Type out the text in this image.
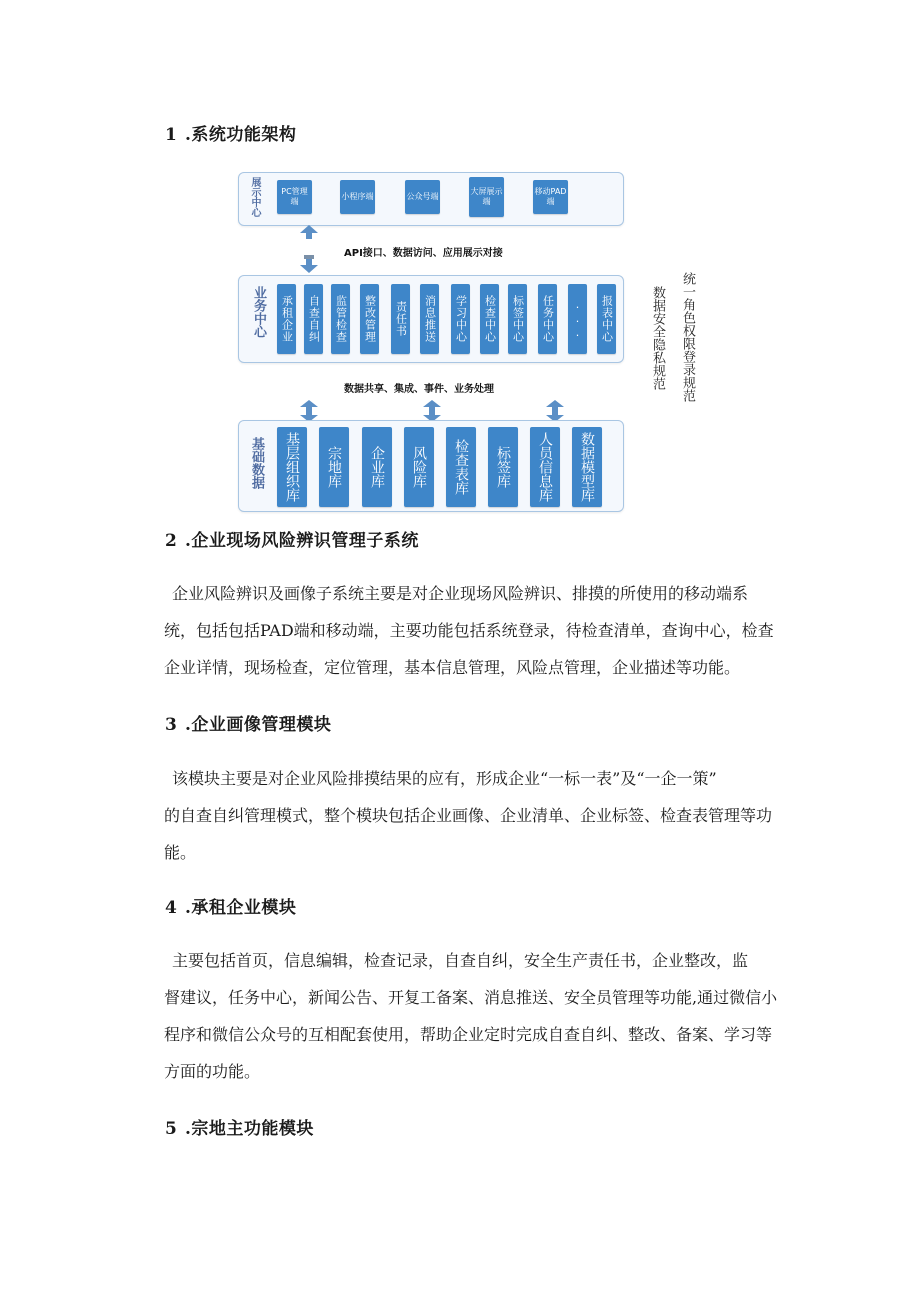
1 .系统功能架构
展示中心	PC管理端
小程序端	公众号端
大屏展示端
移动PAD端
API接口、数据访问、应用展示对接
业务中心	承租企业	自查自纠	监管检查	整改管理	责任书	消息推送	学习中心	检查中心	标签中心	任务中心 ...	报表中心
数据共享、集成、事件、业务处理
基础数据	基层组织库	宗地库	企业库	风险库	检查表库	标签库	人员信息库	数据模型库
数据安全隐私规范 统一角色权限登录规范
2 .企业现场风险辨识管理子系统

企业风险辨识及画像子系统主要是对企业现场风险辨识、排摸的所使用的移动端系

统，包括包括PAD端和移动端，主要功能包括系统登录，待检查清单，查询中心，检查

企业详情，现场检查，定位管理，基本信息管理，风险点管理，企业描述等功能。

3 .企业画像管理模块

该模块主要是对企业风险排摸结果的应有，形成企业“一标一表”及“一企一策”

的自查自纠管理模式，整个模块包括企业画像、企业清单、企业标签、检查表管理等功

能。

4 .承租企业模块

主要包括首页，信息编辑，检查记录，自查自纠，安全生产责任书，企业整改，监

督建议，任务中心，新闻公告、开复工备案、消息推送、安全员管理等功能,通过微信小

程序和微信公众号的互相配套使用，帮助企业定时完成自查自纠、整改、备案、学习等

方面的功能。

5 .宗地主功能模块
